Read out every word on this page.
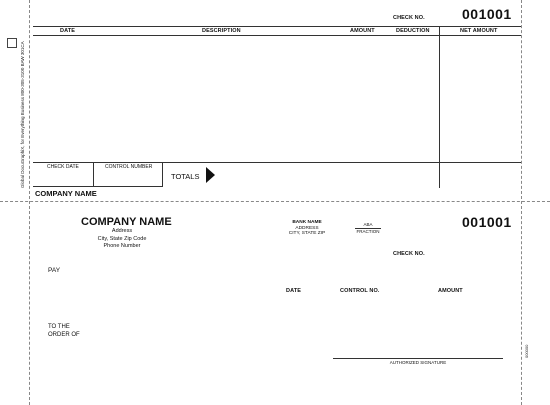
Global DocuGraphiX, for Everything Business 800-305-3100 BAW 301CA
CHECK NO.	001001
DATE	DESCRIPTION	AMOUNT	DEDUCTION	NET AMOUNT
CHECK DATE	CONTROL NUMBER
TOTALS
COMPANY NAME
COMPANY NAME
Address
City, State Zip Code
Phone Number
BANK NAME
ADDRESS
CITY, STATE ZIP
ABA
FRACTION
001001
CHECK NO.
PAY
DATE	CONTROL NO.	AMOUNT
TO THE
ORDER OF
AUTHORIZED SIGNATURE
000000
